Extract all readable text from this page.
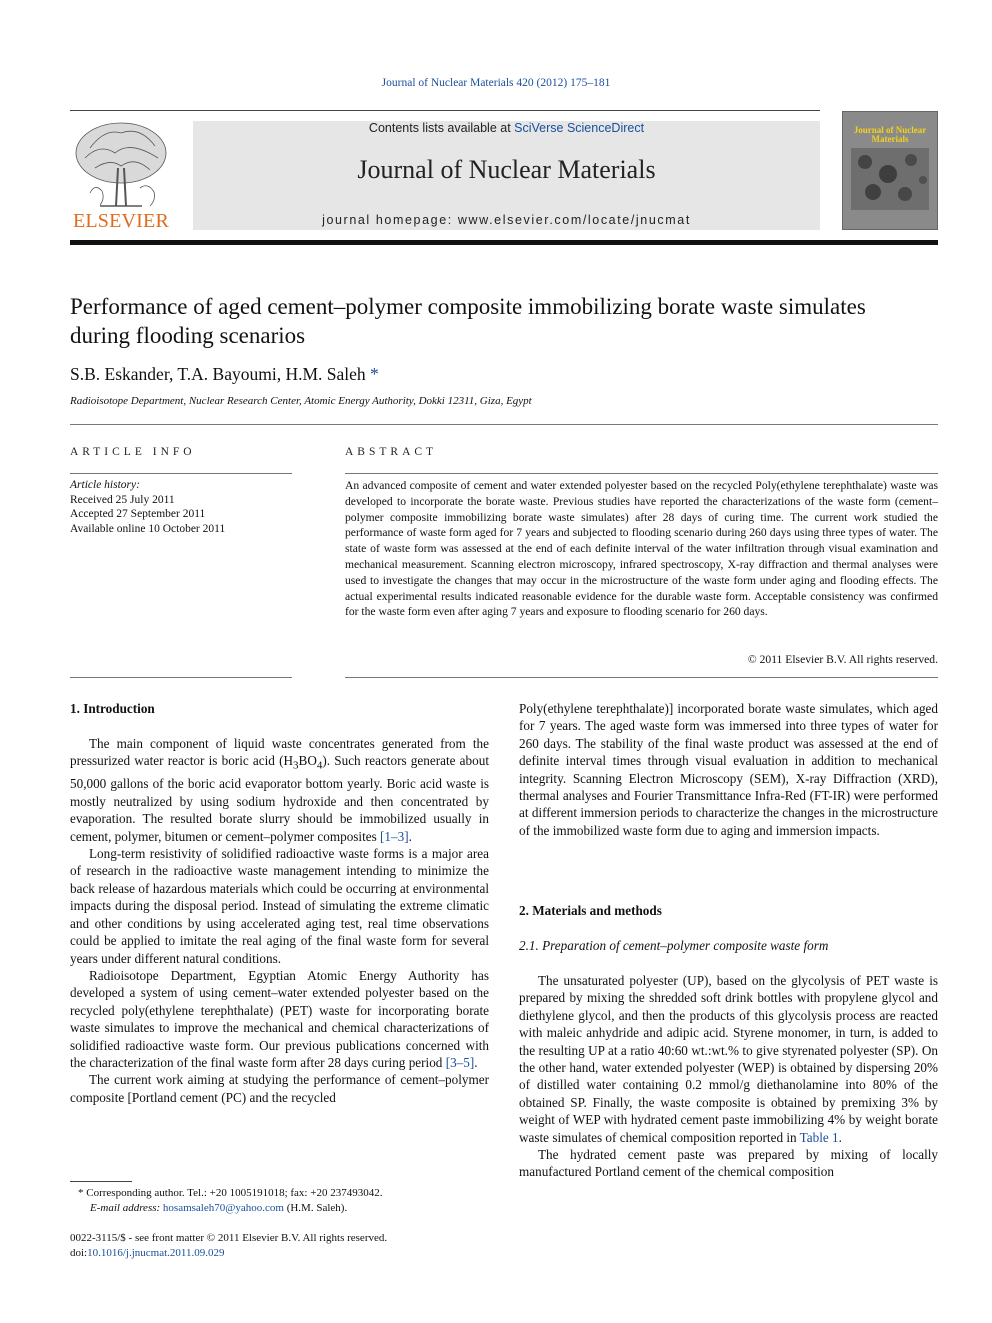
Journal of Nuclear Materials 420 (2012) 175–181
ELSEVIER
Contents lists available at SciVerse ScienceDirect
Journal of Nuclear Materials
journal homepage: www.elsevier.com/locate/jnucmat
Journal of Nuclear Materials
Performance of aged cement–polymer composite immobilizing borate waste simulates during flooding scenarios
S.B. Eskander, T.A. Bayoumi, H.M. Saleh *
Radioisotope Department, Nuclear Research Center, Atomic Energy Authority, Dokki 12311, Giza, Egypt
ARTICLE INFO
Article history:
Received 25 July 2011
Accepted 27 September 2011
Available online 10 October 2011
ABSTRACT
An advanced composite of cement and water extended polyester based on the recycled Poly(ethylene terephthalate) waste was developed to incorporate the borate waste. Previous studies have reported the characterizations of the waste form (cement–polymer composite immobilizing borate waste simulates) after 28 days of curing time. The current work studied the performance of waste form aged for 7 years and subjected to flooding scenario during 260 days using three types of water. The state of waste form was assessed at the end of each definite interval of the water infiltration through visual examination and mechanical measurement. Scanning electron microscopy, infrared spectroscopy, X-ray diffraction and thermal analyses were used to investigate the changes that may occur in the microstructure of the waste form under aging and flooding effects. The actual experimental results indicated reasonable evidence for the durable waste form. Acceptable consistency was confirmed for the waste form even after aging 7 years and exposure to flooding scenario for 260 days.
© 2011 Elsevier B.V. All rights reserved.
1. Introduction

The main component of liquid waste concentrates generated from the pressurized water reactor is boric acid $(H_3BO_4)$. Such reactors generate about 50,000 gallons of the boric acid evaporator bottom yearly. Boric acid waste is mostly neutralized by using sodium hydroxide and then concentrated by evaporation. The resulted borate slurry should be immobilized usually in cement, polymer, bitumen or cement–polymer composites [1–3].

Long-term resistivity of solidified radioactive waste forms is a major area of research in the radioactive waste management intending to minimize the back release of hazardous materials which could be occurring at environmental impacts during the disposal period. Instead of simulating the extreme climatic and other conditions by using accelerated aging test, real time observations could be applied to imitate the real aging of the final waste form for several years under different natural conditions.

Radioisotope Department, Egyptian Atomic Energy Authority has developed a system of using cement–water extended polyester based on the recycled poly(ethylene terephthalate) (PET) waste for incorporating borate waste simulates to improve the mechanical and chemical characterizations of solidified radioactive waste form. Our previous publications concerned with the characterization of the final waste form after 28 days curing period [3–5].

The current work aiming at studying the performance of cement–polymer composite [Portland cement (PC) and the recycled

* Corresponding author. Tel.: +20 1005191018; fax: +20 237493042.
E-mail address: hosamsaleh70@yahoo.com (H.M. Saleh).
0022-3115/$ - see front matter © 2011 Elsevier B.V. All rights reserved.
doi:10.1016/j.jnucmat.2011.09.029

Poly(ethylene terephthalate)] incorporated borate waste simulates, which aged for 7 years. The aged waste form was immersed into three types of water for 260 days. The stability of the final waste product was assessed at the end of definite interval times through visual evaluation in addition to mechanical integrity. Scanning Electron Microscopy (SEM), X-ray Diffraction (XRD), thermal analyses and Fourier Transmittance Infra-Red (FT-IR) were performed at different immersion periods to characterize the changes in the microstructure of the immobilized waste form due to aging and immersion impacts.

2. Materials and methods
2.1. Preparation of cement–polymer composite waste form

The unsaturated polyester (UP), based on the glycolysis of PET waste is prepared by mixing the shredded soft drink bottles with propylene glycol and diethylene glycol, and then the products of this glycolysis process are reacted with maleic anhydride and adipic acid. Styrene monomer, in turn, is added to the resulting UP at a ratio 40:60 wt.:wt.% to give styrenated polyester (SP). On the other hand, water extended polyester (WEP) is obtained by dispersing 20% of distilled water containing 0.2 mmol/g diethanolamine into 80% of the obtained SP. Finally, the waste composite is obtained by premixing 3% by weight of WEP with hydrated cement paste immobilizing 4% by weight borate waste simulates of chemical composition reported in Table 1.

The hydrated cement paste was prepared by mixing of locally manufactured Portland cement of the chemical composition
